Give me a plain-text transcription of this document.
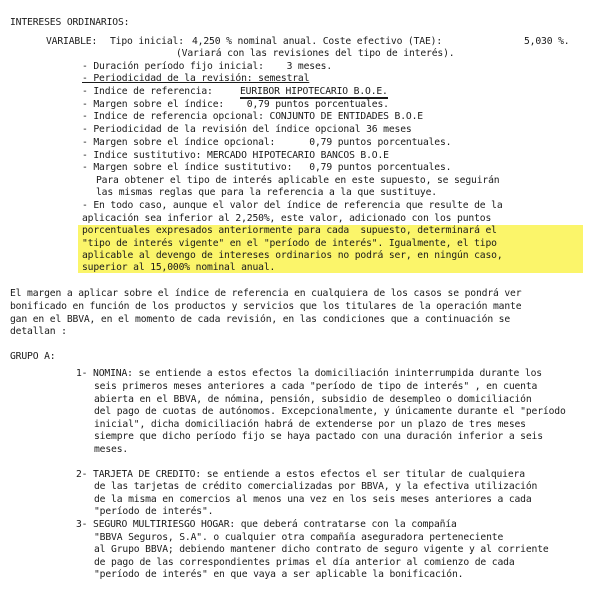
INTERESES ORDINARIOS:
VARIABLE: Tipo inicial: 4,250 % nominal anual. Coste efectivo (TAE):	5,030 %.
(Variará con las revisiones del tipo de interés).
- Duración período fijo inicial:    3 meses.
- Periodicidad de la revisión: semestral
- Indice de referencia:	EURIBOR HIPOTECARIO B.O.E.
- Margen sobre el índice:    0,79 puntos porcentuales.
- Indice de referencia opcional: CONJUNTO DE ENTIDADES B.O.E
- Periodicidad de la revisión del índice opcional 36 meses
- Margen sobre el índice opcional:      0,79 puntos porcentuales.
- Indice sustitutivo: MERCADO HIPOTECARIO BANCOS B.O.E
- Margen sobre el índice sustitutivo:   0,79 puntos porcentuales.
Para obtener el tipo de interés aplicable en este supuesto, se seguirán
las mismas reglas que para la referencia a la que sustituye.
- En todo caso, aunque el valor del índice de referencia que resulte de la
aplicación sea inferior al 2,250%, este valor, adicionado con los puntos
porcentuales expresados anteriormente para cada  supuesto, determinará el
"tipo de interés vigente" en el "período de interés". Igualmente, el tipo
aplicable al devengo de intereses ordinarios no podrá ser, en ningún caso,
superior al 15,000% nominal anual.
El margen a aplicar sobre el índice de referencia en cualquiera de los casos se pondrá ver
bonificado en función de los productos y servicios que los titulares de la operación mante
gan en el BBVA, en el momento de cada revisión, en las condiciones que a continuación se
detallan :
GRUPO A:
1- NOMINA: se entiende a estos efectos la domiciliación ininterrumpida durante los
seis primeros meses anteriores a cada "período de tipo de interés" , en cuenta
abierta en el BBVA, de nómina, pensión, subsidio de desempleo o domiciliación
del pago de cuotas de autónomos. Excepcionalmente, y únicamente durante el "período
inicial", dicha domiciliación habrá de extenderse por un plazo de tres meses
siempre que dicho período fijo se haya pactado con una duración inferior a seis
meses.
2- TARJETA DE CREDITO: se entiende a estos efectos el ser titular de cualquiera
de las tarjetas de crédito comercializadas por BBVA, y la efectiva utilización
de la misma en comercios al menos una vez en los seis meses anteriores a cada
"período de interés".
3- SEGURO MULTIRIESGO HOGAR: que deberá contratarse con la compañía
"BBVA Seguros, S.A". o cualquier otra compañía aseguradora perteneciente
al Grupo BBVA; debiendo mantener dicho contrato de seguro vigente y al corriente
de pago de las correspondientes primas el día anterior al comienzo de cada
"período de interés" en que vaya a ser aplicable la bonificación.
